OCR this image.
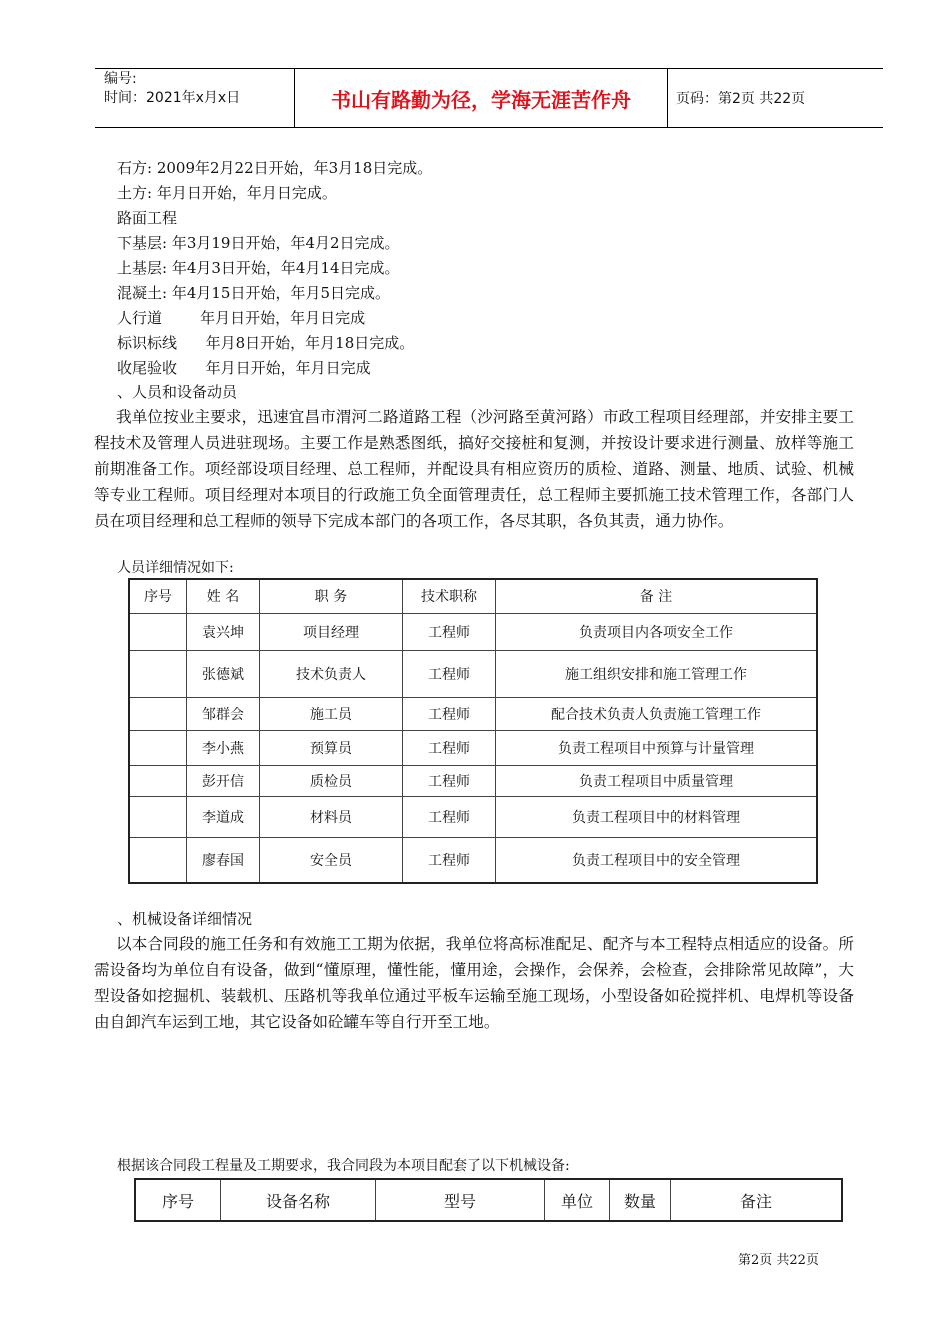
编号:
时间：2021年x月x日	书山有路勤为径，学海无涯苦作舟	页码：第2页 共22页
石方: 2009年2月22日开始，年3月18日完成。
土方: 年月日开始，年月日完成。
路面工程
下基层: 年3月19日开始，年4月2日完成。
上基层: 年4月3日开始，年4月14日完成。
混凝土: 年4月15日开始，年月5日完成。
人行道        年月日开始，年月日完成
标识标线      年月8日开始，年月18日完成。
收尾验收      年月日开始，年月日完成
、人员和设备动员
我单位按业主要求，迅速宜昌市渭河二路道路工程（沙河路至黄河路）市政工程项目经理部，并安排主要工程技术及管理人员进驻现场。主要工作是熟悉图纸，搞好交接桩和复测，并按设计要求进行测量、放样等施工前期准备工作。项经部设项目经理、总工程师，并配设具有相应资历的质检、道路、测量、地质、试验、机械等专业工程师。项目经理对本项目的行政施工负全面管理责任，总工程师主要抓施工技术管理工作，各部门人员在项目经理和总工程师的领导下完成本部门的各项工作，各尽其职，各负其责，通力协作。
人员详细情况如下:
序号	姓 名	职 务	技术职称	备 注
	袁兴坤	项目经理	工程师	负责项目内各项安全工作
	张德斌	技术负责人	工程师	施工组织安排和施工管理工作
	邹群会	施工员	工程师	配合技术负责人负责施工管理工作
	李小燕	预算员	工程师	负责工程项目中预算与计量管理
	彭开信	质检员	工程师	负责工程项目中质量管理
	李道成	材料员	工程师	负责工程项目中的材料管理
	廖春国	安全员	工程师	负责工程项目中的安全管理
、机械设备详细情况
以本合同段的施工任务和有效施工工期为依据，我单位将高标准配足、配齐与本工程特点相适应的设备。所需设备均为单位自有设备，做到“懂原理，懂性能，懂用途，会操作，会保养，会检查，会排除常见故障”，大型设备如挖掘机、装载机、压路机等我单位通过平板车运输至施工现场，小型设备如砼搅拌机、电焊机等设备由自卸汽车运到工地，其它设备如砼罐车等自行开至工地。
根据该合同段工程量及工期要求，我合同段为本项目配套了以下机械设备:
序号	设备名称	型号	单位	数量	备注
第2页 共22页
